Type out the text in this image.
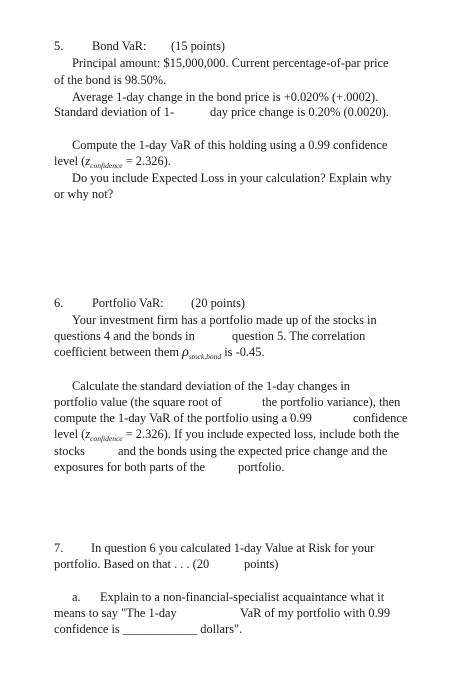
5. Bond VaR: (15 points)
Principal amount: $15,000,000. Current percentage-of-par price
of the bond is 98.50%.
Average 1-day change in the bond price is +0.020% (+.0002).
Standard deviation of 1-	day price change is 0.20% (0.0020).
Compute the 1-day VaR of this holding using a 0.99 confidence
level $(z_{confidence} = 2.326)$.
Do you include Expected Loss in your calculation? Explain why
or why not?
6. Portfolio VaR: (20 points)
Your investment firm has a portfolio made up of the stocks in
questions 4 and the bonds in	question 5. The correlation
coefficient between them $\rho_{stock,bond}$ is -0.45.
Calculate the standard deviation of the 1-day changes in
portfolio value (the square root of	the portfolio variance), then
compute the 1-day VaR of the portfolio using a 0.99	confidence
level $(z_{confidence} = 2.326)$. If you include expected loss, include both the
stocks	and the bonds using the expected price change and the
exposures for both parts of the	portfolio.
7. In question 6 you calculated 1-day Value at Risk for your
portfolio. Based on that . . . (20	points)
a. Explain to a non-financial-specialist acquaintance what it
means to say "The 1-day	VaR of my portfolio with 0.99
confidence is ____________ dollars".
